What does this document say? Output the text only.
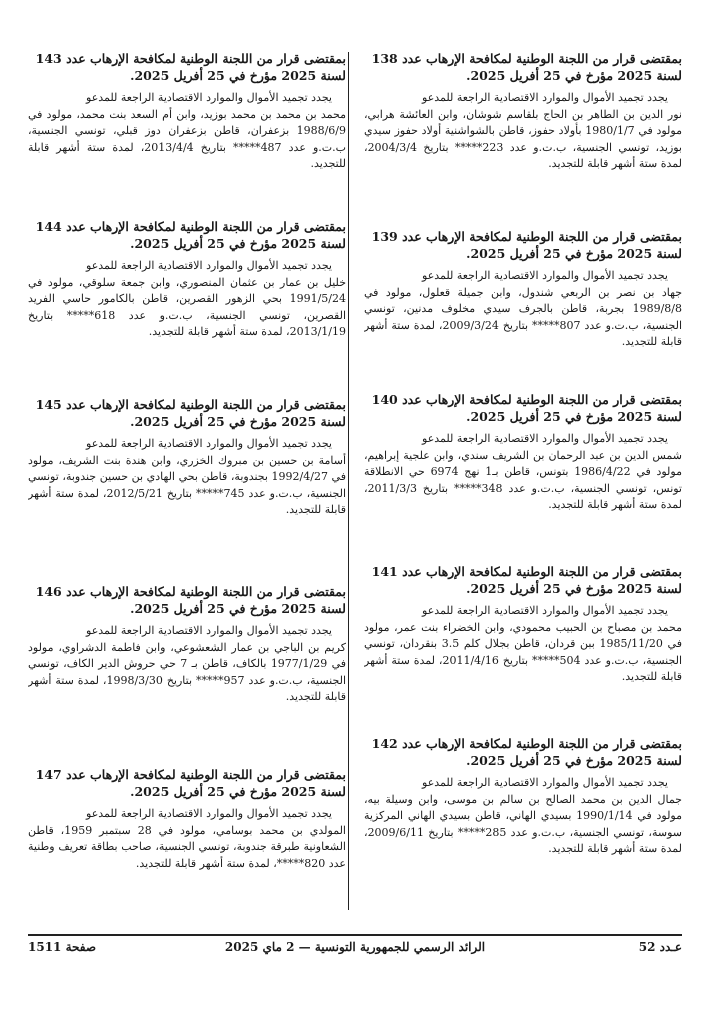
بمقتضى قرار من اللجنة الوطنية لمكافحة الإرهاب عدد 138 لسنة 2025 مؤرخ في 25 أفريل 2025.

يجدد تجميد الأموال والموارد الاقتصادية الراجعة للمدعو
نور الدين بن الطاهر بن الحاج بلقاسم شوشان، وابن العائشة هرابي، مولود في 1980/1/7 بأولاد حفوز، قاطن بالشواشنية أولاد حفوز سيدي بوزيد، تونسي الجنسية، ب.ت.و عدد 223***** بتاريخ 2004/3/4، لمدة ستة أشهر قابلة للتجديد.

بمقتضى قرار من اللجنة الوطنية لمكافحة الإرهاب عدد 139 لسنة 2025 مؤرخ في 25 أفريل 2025.

يجدد تجميد الأموال والموارد الاقتصادية الراجعة للمدعو
جهاد بن نصر بن الربعي شندول، وابن جميلة قعلول، مولود في 1989/8/8 بجربة، قاطن بالجرف سيدي مخلوف مدنين، تونسي الجنسية، ب.ت.و عدد 807***** بتاريخ 2009/3/24، لمدة ستة أشهر قابلة للتجديد.

بمقتضى قرار من اللجنة الوطنية لمكافحة الإرهاب عدد 140 لسنة 2025 مؤرخ في 25 أفريل 2025.

يجدد تجميد الأموال والموارد الاقتصادية الراجعة للمدعو
شمس الدين بن عبد الرحمان بن الشريف سندي، وابن علجية إبراهيم، مولود في 1986/4/22 بتونس، قاطن بـ1 نهج 6974 حي الانطلاقة تونس، تونسي الجنسية، ب.ت.و عدد 348***** بتاريخ 2011/3/3، لمدة ستة أشهر قابلة للتجديد.

بمقتضى قرار من اللجنة الوطنية لمكافحة الإرهاب عدد 141 لسنة 2025 مؤرخ في 25 أفريل 2025.

يجدد تجميد الأموال والموارد الاقتصادية الراجعة للمدعو
محمد بن مصباح بن الحبيب محمودي، وابن الخضراء بنت عمر، مولود في 1985/11/20 ببن قردان، قاطن بجلال كلم 3.5 بنقردان، تونسي الجنسية، ب.ت.و عدد 504***** بتاريخ 2011/4/16، لمدة ستة أشهر قابلة للتجديد.

بمقتضى قرار من اللجنة الوطنية لمكافحة الإرهاب عدد 142 لسنة 2025 مؤرخ في 25 أفريل 2025.

يجدد تجميد الأموال والموارد الاقتصادية الراجعة للمدعو
جمال الدين بن محمد الصالح بن سالم بن موسى، وابن وسيلة بيه، مولود في 1990/1/14 بسيدي الهاني، قاطن بسيدي الهاني المركزية سوسة، تونسي الجنسية، ب.ت.و عدد 285***** بتاريخ 2009/6/11، لمدة ستة أشهر قابلة للتجديد.

بمقتضى قرار من اللجنة الوطنية لمكافحة الإرهاب عدد 143 لسنة 2025 مؤرخ في 25 أفريل 2025.

يجدد تجميد الأموال والموارد الاقتصادية الراجعة للمدعو
محمد بن محمد بن محمد بوزيد، وابن أم السعد بنت محمد، مولود في 1988/6/9 بزعفران، قاطن بزعفران دوز قبلي، تونسي الجنسية، ب.ت.و عدد 487***** بتاريخ 2013/4/4، لمدة ستة أشهر قابلة للتجديد.

بمقتضى قرار من اللجنة الوطنية لمكافحة الإرهاب عدد 144 لسنة 2025 مؤرخ في 25 أفريل 2025.

يجدد تجميد الأموال والموارد الاقتصادية الراجعة للمدعو
خليل بن عمار بن عثمان المنصوري، وابن جمعة سلوقي، مولود في 1991/5/24 بحي الزهور القصرين، قاطن بالكامور حاسي الفريد القصرين، تونسي الجنسية، ب.ت.و عدد 618***** بتاريخ 2013/1/19، لمدة ستة أشهر قابلة للتجديد.

بمقتضى قرار من اللجنة الوطنية لمكافحة الإرهاب عدد 145 لسنة 2025 مؤرخ في 25 أفريل 2025.

يجدد تجميد الأموال والموارد الاقتصادية الراجعة للمدعو
أسامة بن حسين بن مبروك الخزري، وابن هندة بنت الشريف، مولود في 1992/4/27 بجندوبة، قاطن بحي الهادي بن حسين جندوبة، تونسي الجنسية، ب.ت.و عدد 745***** بتاريخ 2012/5/21، لمدة ستة أشهر قابلة للتجديد.

بمقتضى قرار من اللجنة الوطنية لمكافحة الإرهاب عدد 146 لسنة 2025 مؤرخ في 25 أفريل 2025.

يجدد تجميد الأموال والموارد الاقتصادية الراجعة للمدعو
كريم بن الباجي بن عمار الشعشوعي، وابن فاطمة الدشراوي، مولود في 1977/1/29 بالكاف، قاطن بـ 7 حي حروش الدير الكاف، تونسي الجنسية، ب.ت.و عدد 957***** بتاريخ 1998/3/30، لمدة ستة أشهر قابلة للتجديد.

بمقتضى قرار من اللجنة الوطنية لمكافحة الإرهاب عدد 147 لسنة 2025 مؤرخ في 25 أفريل 2025.

يجدد تجميد الأموال والموارد الاقتصادية الراجعة للمدعو
المولدي بن محمد بوسامي، مولود في 28 سبتمبر 1959، قاطن الشعاونية طبرقة جندوبة، تونسي الجنسية، صاحب بطاقة تعريف وطنية عدد 820*****، لمدة ستة أشهر قابلة للتجديد.

عـدد 52
الرائد الرسمي للجمهورية التونسية — 2 ماي 2025
صفحة 1511
